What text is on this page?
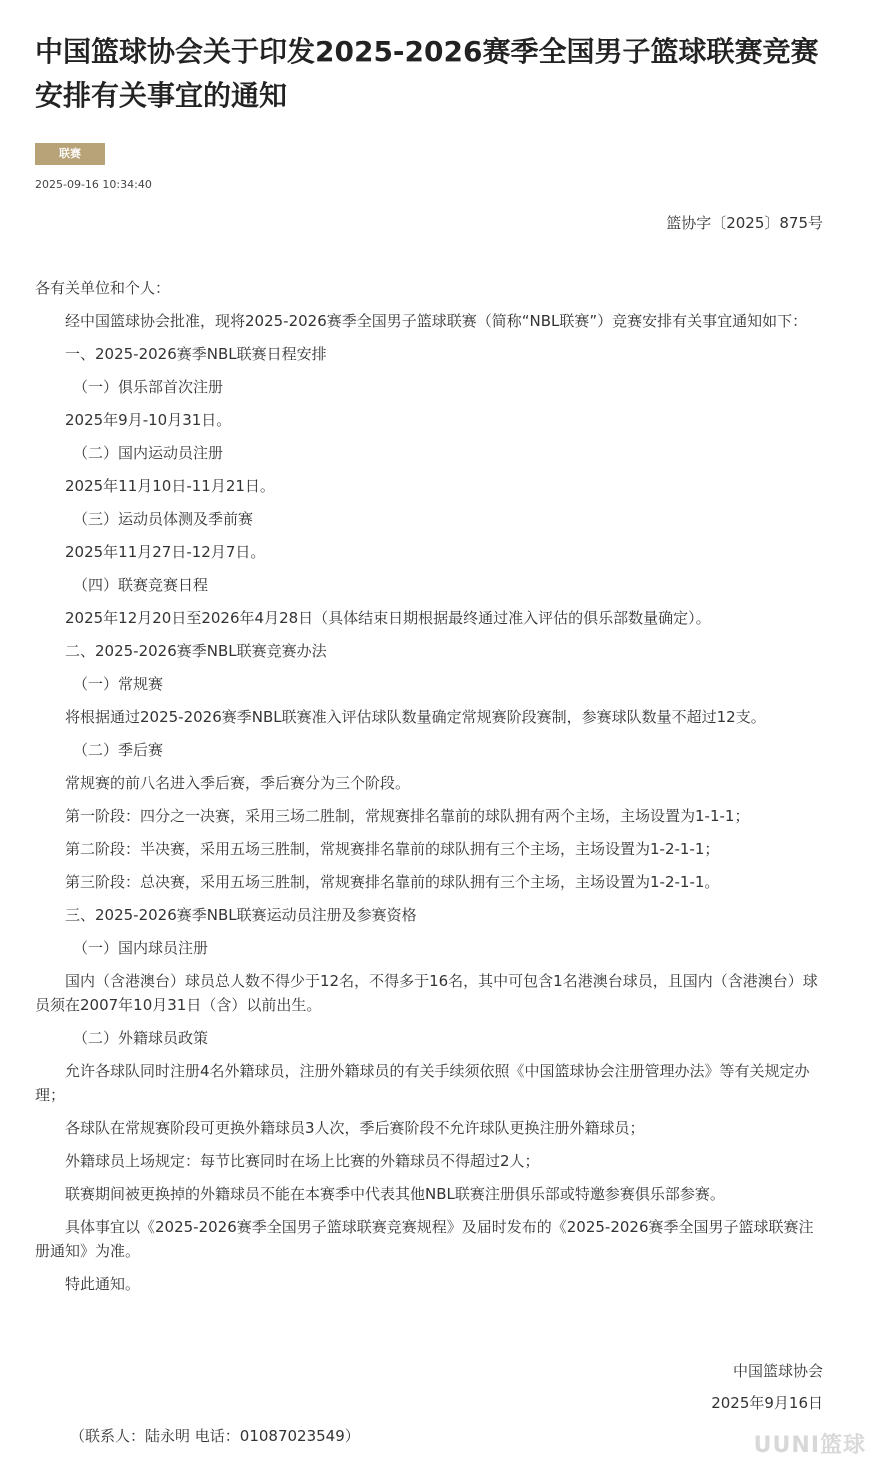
中国篮球协会关于印发2025-2026赛季全国男子篮球联赛竞赛安排有关事宜的通知
联赛
2025-09-16 10:34:40
篮协字〔2025〕875号

各有关单位和个人：

经中国篮球协会批准，现将2025-2026赛季全国男子篮球联赛（简称“NBL联赛”）竞赛安排有关事宜通知如下：

一、2025-2026赛季NBL联赛日程安排

（一）俱乐部首次注册

2025年9月-10月31日。

（二）国内运动员注册

2025年11月10日-11月21日。

（三）运动员体测及季前赛

2025年11月27日-12月7日。

（四）联赛竞赛日程

2025年12月20日至2026年4月28日（具体结束日期根据最终通过准入评估的俱乐部数量确定）。

二、2025-2026赛季NBL联赛竞赛办法

（一）常规赛

将根据通过2025-2026赛季NBL联赛准入评估球队数量确定常规赛阶段赛制，参赛球队数量不超过12支。

（二）季后赛

常规赛的前八名进入季后赛，季后赛分为三个阶段。

第一阶段：四分之一决赛，采用三场二胜制，常规赛排名靠前的球队拥有两个主场，主场设置为1-1-1；

第二阶段：半决赛，采用五场三胜制，常规赛排名靠前的球队拥有三个主场，主场设置为1-2-1-1；

第三阶段：总决赛，采用五场三胜制，常规赛排名靠前的球队拥有三个主场，主场设置为1-2-1-1。

三、2025-2026赛季NBL联赛运动员注册及参赛资格

（一）国内球员注册

国内（含港澳台）球员总人数不得少于12名，不得多于16名，其中可包含1名港澳台球员，且国内（含港澳台）球员须在2007年10月31日（含）以前出生。

（二）外籍球员政策

允许各球队同时注册4名外籍球员，注册外籍球员的有关手续须依照《中国篮球协会注册管理办法》等有关规定办理；

各球队在常规赛阶段可更换外籍球员3人次，季后赛阶段不允许球队更换注册外籍球员；

外籍球员上场规定：每节比赛同时在场上比赛的外籍球员不得超过2人；

联赛期间被更换掉的外籍球员不能在本赛季中代表其他NBL联赛注册俱乐部或特邀参赛俱乐部参赛。

具体事宜以《2025-2026赛季全国男子篮球联赛竞赛规程》及届时发布的《2025-2026赛季全国男子篮球联赛注册通知》为准。

特此通知。

中国篮球协会
2025年9月16日
（联系人：陆永明 电话：01087023549）	UUNI篮球
